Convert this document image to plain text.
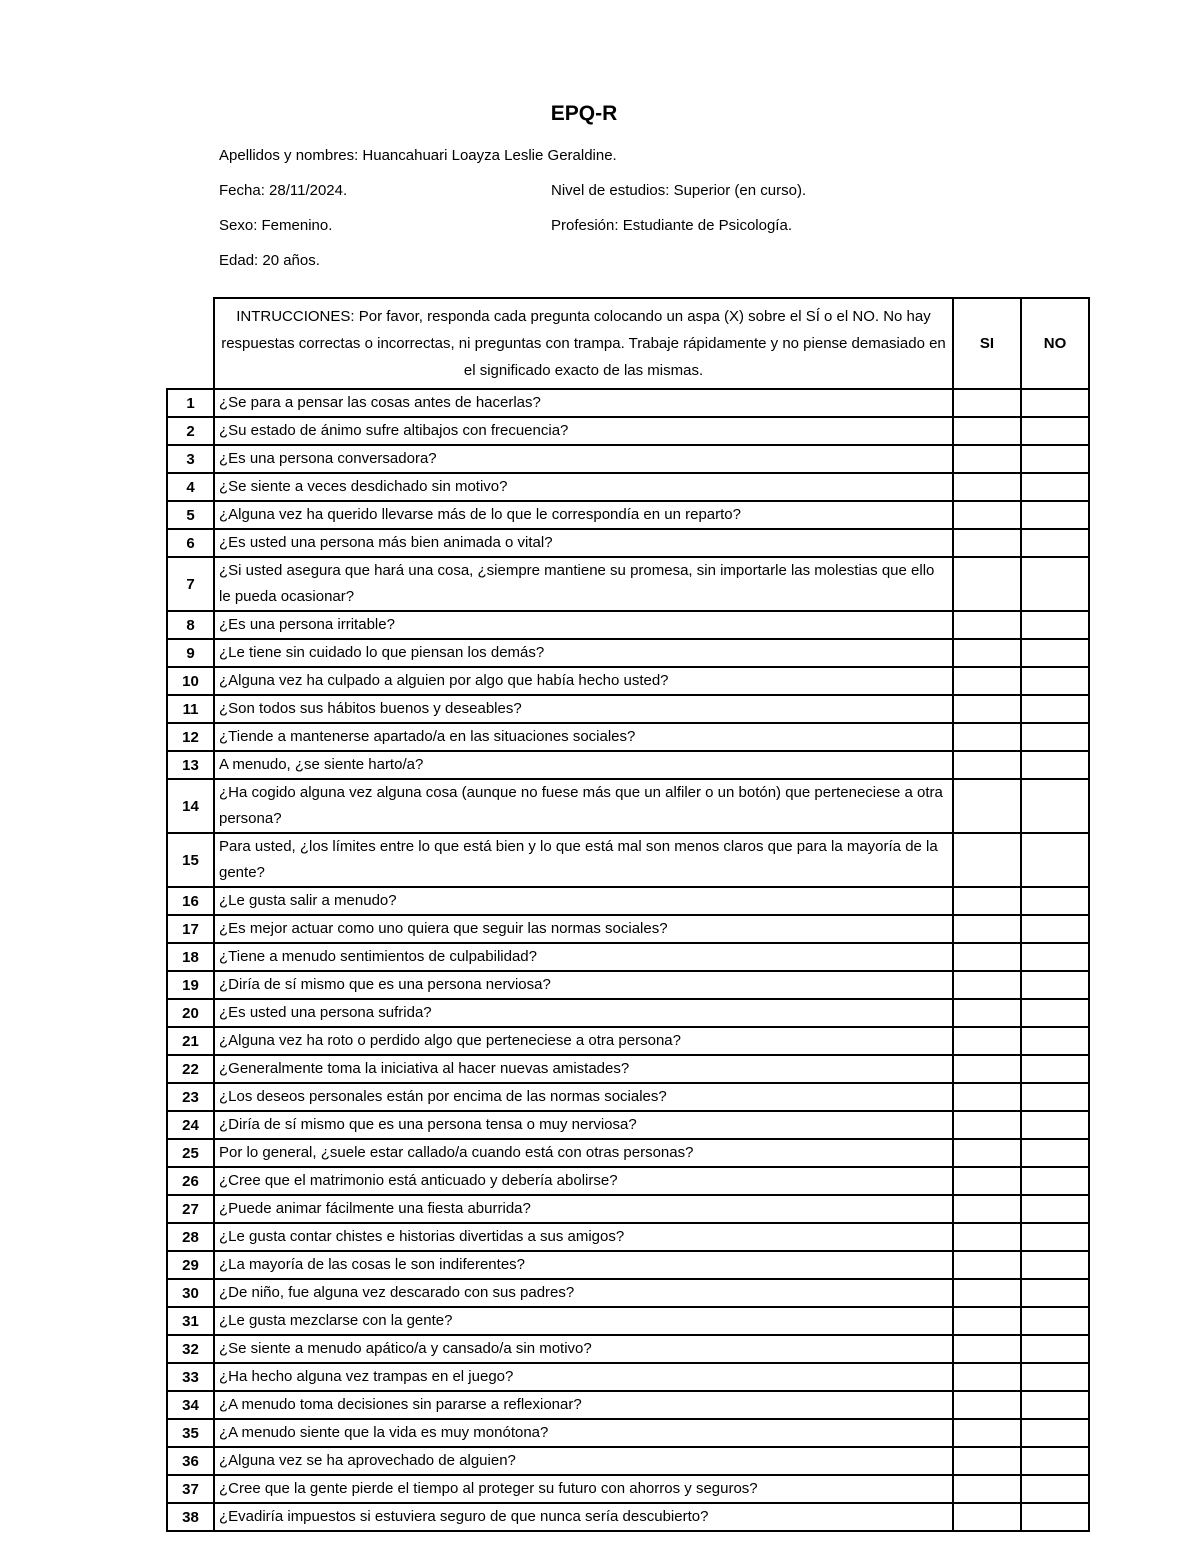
EPQ-R
Apellidos y nombres: Huancahuari Loayza Leslie Geraldine.
Fecha: 28/11/2024.	Nivel de estudios: Superior (en curso).
Sexo: Femenino.	Profesión: Estudiante de Psicología.
Edad: 20 años.
	INTRUCCIONES: Por favor, responda cada pregunta colocando un aspa (X) sobre el SÍ o el NO. No hay respuestas correctas o incorrectas, ni preguntas con trampa. Trabaje rápidamente y no piense demasiado en el significado exacto de las mismas.	SI	NO
1	¿Se para a pensar las cosas antes de hacerlas?		
2	¿Su estado de ánimo sufre altibajos con frecuencia?		
3	¿Es una persona conversadora?		
4	¿Se siente a veces desdichado sin motivo?		
5	¿Alguna vez ha querido llevarse más de lo que le correspondía en un reparto?		
6	¿Es usted una persona más bien animada o vital?		
7	¿Si usted asegura que hará una cosa, ¿siempre mantiene su promesa, sin importarle las molestias que ello le pueda ocasionar?		
8	¿Es una persona irritable?		
9	¿Le tiene sin cuidado lo que piensan los demás?		
10	¿Alguna vez ha culpado a alguien por algo que había hecho usted?		
11	¿Son todos sus hábitos buenos y deseables?		
12	¿Tiende a mantenerse apartado/a en las situaciones sociales?		
13	A menudo, ¿se siente harto/a?		
14	¿Ha cogido alguna vez alguna cosa (aunque no fuese más que un alfiler o un botón) que perteneciese a otra persona?		
15	Para usted, ¿los límites entre lo que está bien y lo que está mal son menos claros que para la mayoría de la gente?		
16	¿Le gusta salir a menudo?		
17	¿Es mejor actuar como uno quiera que seguir las normas sociales?		
18	¿Tiene a menudo sentimientos de culpabilidad?		
19	¿Diría de sí mismo que es una persona nerviosa?		
20	¿Es usted una persona sufrida?		
21	¿Alguna vez ha roto o perdido algo que perteneciese a otra persona?		
22	¿Generalmente toma la iniciativa al hacer nuevas amistades?		
23	¿Los deseos personales están por encima de las normas sociales?		
24	¿Diría de sí mismo que es una persona tensa o muy nerviosa?		
25	Por lo general, ¿suele estar callado/a cuando está con otras personas?		
26	¿Cree que el matrimonio está anticuado y debería abolirse?		
27	¿Puede animar fácilmente una fiesta aburrida?		
28	¿Le gusta contar chistes e historias divertidas a sus amigos?		
29	¿La mayoría de las cosas le son indiferentes?		
30	¿De niño, fue alguna vez descarado con sus padres?		
31	¿Le gusta mezclarse con la gente?		
32	¿Se siente a menudo apático/a y cansado/a sin motivo?		
33	¿Ha hecho alguna vez trampas en el juego?		
34	¿A menudo toma decisiones sin pararse a reflexionar?		
35	¿A menudo siente que la vida es muy monótona?		
36	¿Alguna vez se ha aprovechado de alguien?		
37	¿Cree que la gente pierde el tiempo al proteger su futuro con ahorros y seguros?		
38	¿Evadiría impuestos si estuviera seguro de que nunca sería descubierto?		
